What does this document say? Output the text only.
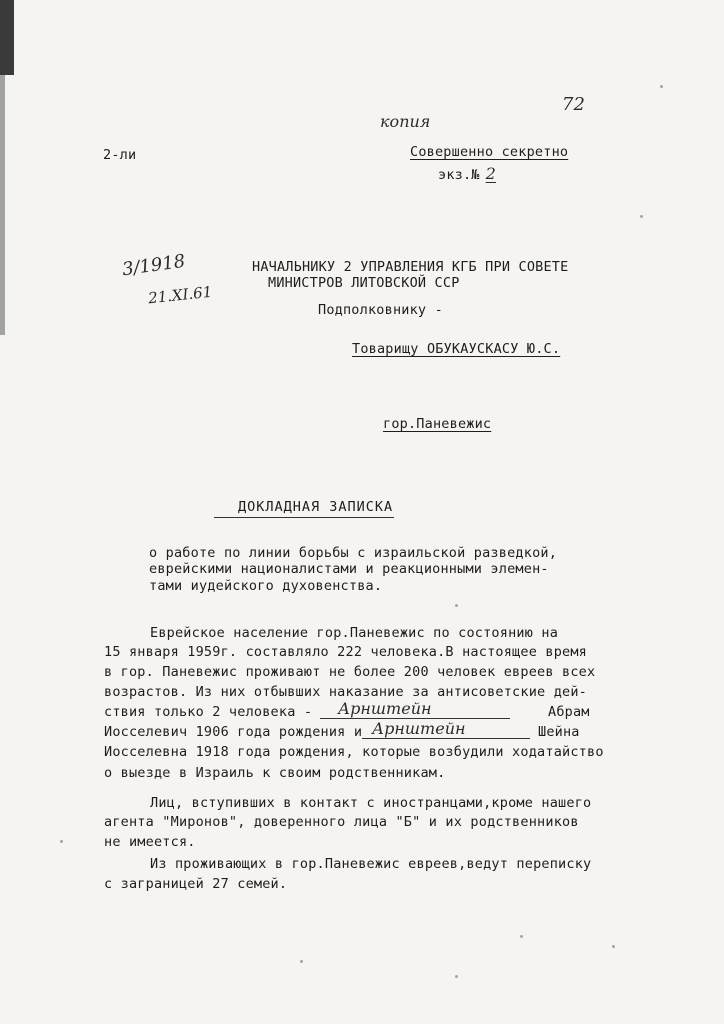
копия
72
2-ли	Совершенно секретно
экз.№ 2
3/1918
21.XI.61
НАЧАЛЬНИКУ 2 УПРАВЛЕНИЯ КГБ ПРИ СОВЕТЕ
МИНИСТРОВ ЛИТОВСКОЙ ССР
Подполковнику -
Товарищу ОБУКАУСКАСУ Ю.С.
гор.Паневежис
ДОКЛАДНАЯ ЗАПИСКА
о работе по линии борьбы с израильской разведкой,
еврейскими националистами и реакционными элемен-
тами иудейского духовенства.
Еврейское население гор.Паневежис по состоянию на
15 января 1959г. составляло 222 человека.В настоящее время
в гор. Паневежис проживают не более 200 человек евреев всех
возрастов. Из них отбывших наказание за антисоветские дей-
ствия только 2 человека - Арнштейн	Абрам
Иосселевич 1906 года рождения и Арнштейн	Шейна
Иосселевна 1918 года рождения, которые возбудили ходатайство
о выезде в Израиль к своим родственникам.
Лиц, вступивших в контакт с иностранцами,кроме нашего
агента "Миронов", доверенного лица "Б" и их родственников
не имеется.
Из проживающих в гор.Паневежис евреев,ведут переписку
с заграницей 27 семей.
